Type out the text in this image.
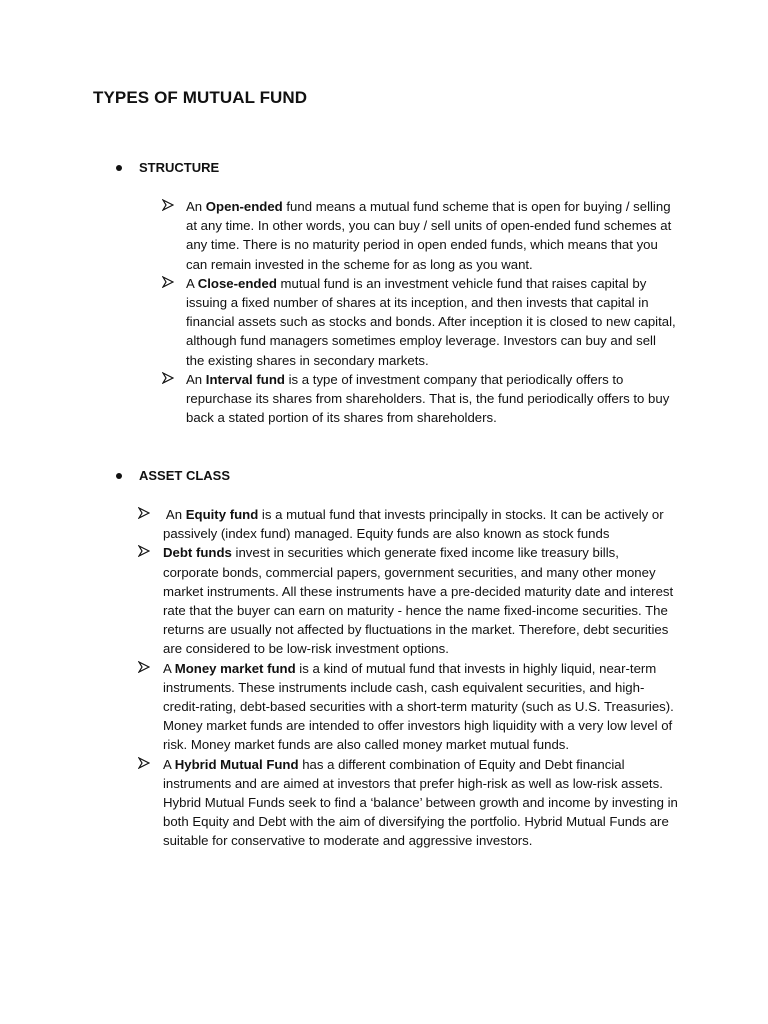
TYPES OF MUTUAL FUND
STRUCTURE
An Open-ended fund means a mutual fund scheme that is open for buying / selling at any time. In other words, you can buy / sell units of open-ended fund schemes at any time. There is no maturity period in open ended funds, which means that you can remain invested in the scheme for as long as you want.
A Close-ended mutual fund is an investment vehicle fund that raises capital by issuing a fixed number of shares at its inception, and then invests that capital in financial assets such as stocks and bonds. After inception it is closed to new capital, although fund managers sometimes employ leverage. Investors can buy and sell the existing shares in secondary markets.
An Interval fund is a type of investment company that periodically offers to repurchase its shares from shareholders. That is, the fund periodically offers to buy back a stated portion of its shares from shareholders.
ASSET CLASS
An Equity fund is a mutual fund that invests principally in stocks. It can be actively or passively (index fund) managed. Equity funds are also known as stock funds
Debt funds invest in securities which generate fixed income like treasury bills, corporate bonds, commercial papers, government securities, and many other money market instruments. All these instruments have a pre-decided maturity date and interest rate that the buyer can earn on maturity - hence the name fixed-income securities. The returns are usually not affected by fluctuations in the market. Therefore, debt securities are considered to be low-risk investment options.
A Money market fund is a kind of mutual fund that invests in highly liquid, near-term instruments. These instruments include cash, cash equivalent securities, and high-credit-rating, debt-based securities with a short-term maturity (such as U.S. Treasuries). Money market funds are intended to offer investors high liquidity with a very low level of risk. Money market funds are also called money market mutual funds.
A Hybrid Mutual Fund has a different combination of Equity and Debt financial instruments and are aimed at investors that prefer high-risk as well as low-risk assets. Hybrid Mutual Funds seek to find a ‘balance’ between growth and income by investing in both Equity and Debt with the aim of diversifying the portfolio. Hybrid Mutual Funds are suitable for conservative to moderate and aggressive investors.
